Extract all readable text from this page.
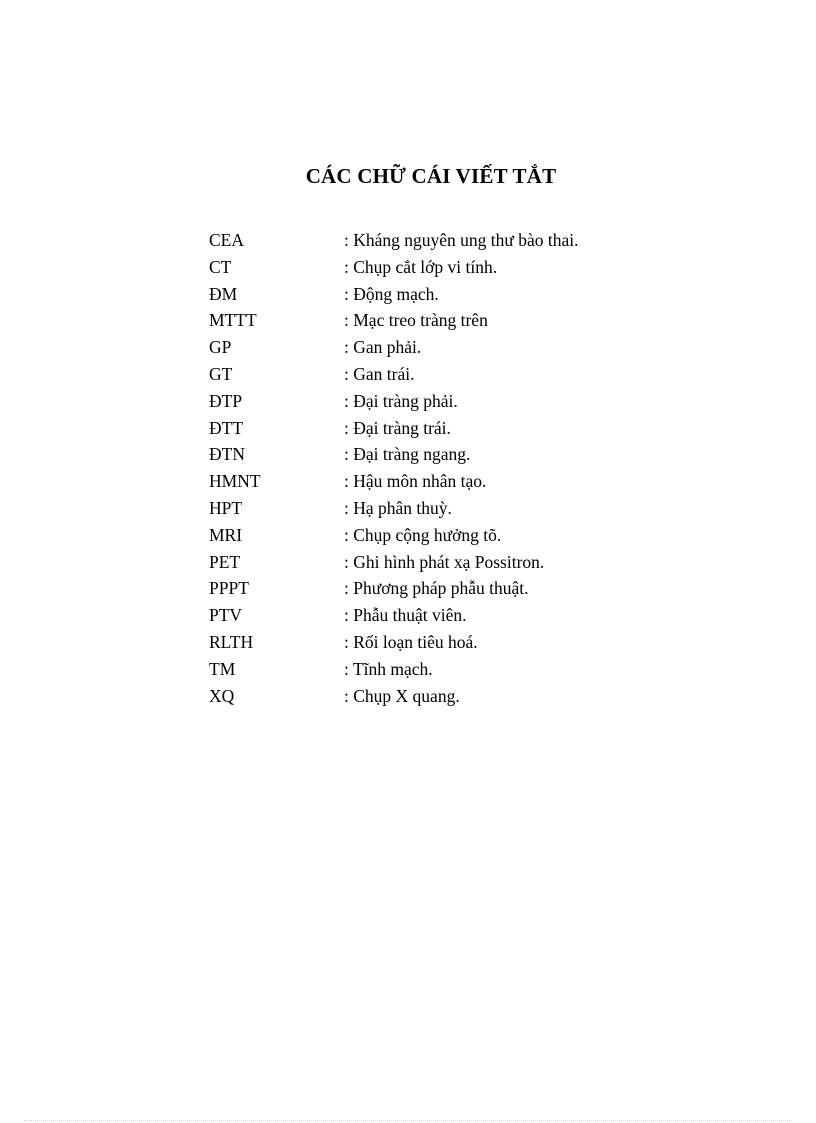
CÁC CHỮ CÁI VIẾT TẮT
CEA	: Kháng nguyên ung thư bào thai.
CT	: Chụp cắt lớp vi tính.
ĐM	: Động mạch.
MTTT	: Mạc treo tràng trên
GP	: Gan phải.
GT	: Gan trái.
ĐTP	: Đại tràng phải.
ĐTT	: Đại tràng trái.
ĐTN	: Đại tràng ngang.
HMNT	: Hậu môn nhân tạo.
HPT	: Hạ phân thuỳ.
MRI	: Chụp cộng hưởng tõ.
PET	: Ghi hình phát xạ Possitron.
PPPT	: Phương pháp phẫu thuật.
PTV	: Phẫu thuật viên.
RLTH	: Rối loạn tiêu hoá.
TM	: Tĩnh mạch.
XQ	: Chụp X quang.
